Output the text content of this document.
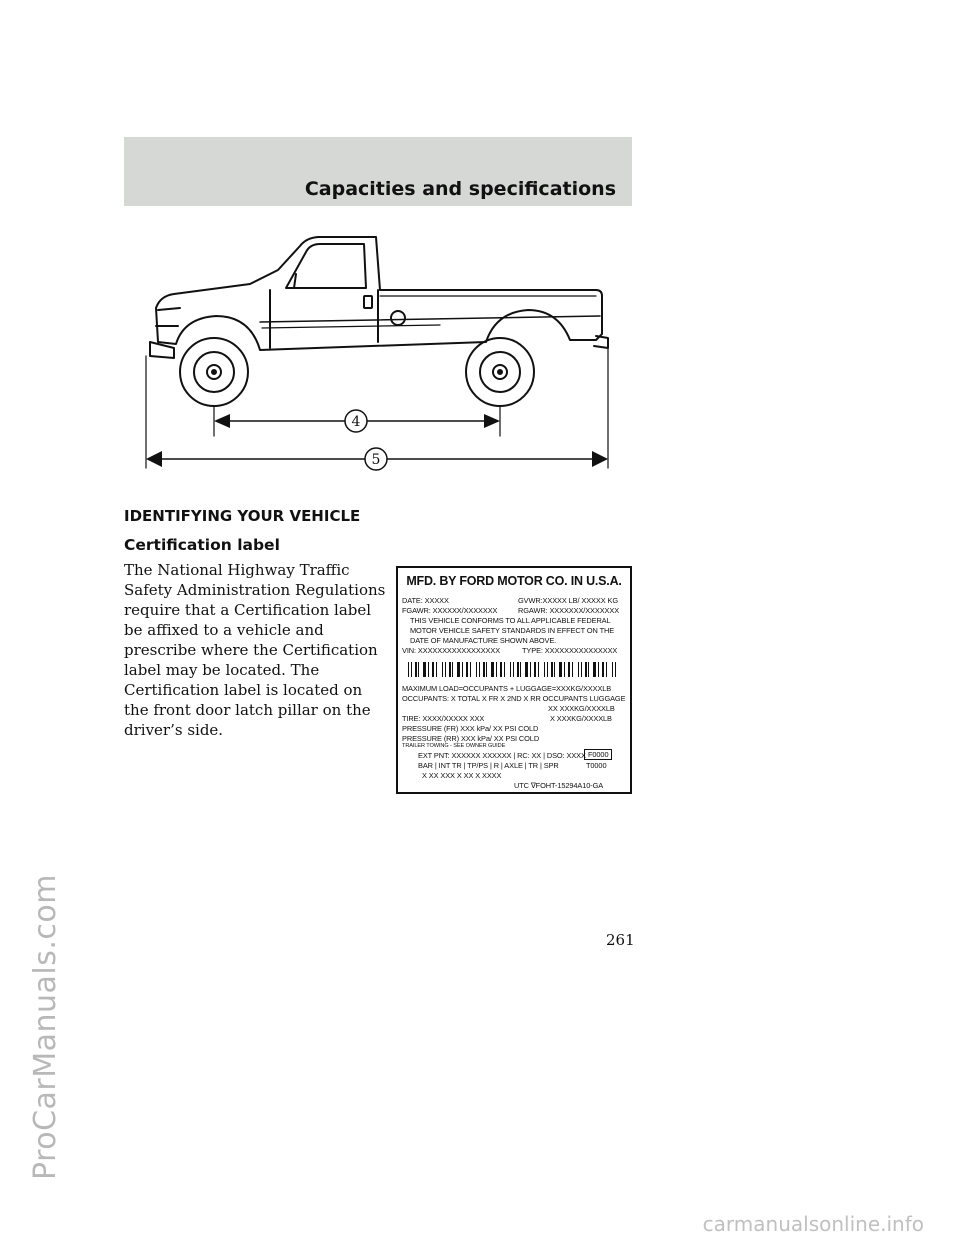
ProCarManuals.com
Capacities and specifications
4
5
IDENTIFYING YOUR VEHICLE
Certification label

The National Highway Traffic Safety Administration Regulations require that a Certification label be affixed to a vehicle and prescribe where the Certification label may be located. The Certification label is located on the front door latch pillar on the driver’s side.

MFD. BY FORD MOTOR CO. IN U.S.A.
DATE: XXXXX	GVWR:XXXXX LB/ XXXXX KG
FGAWR: XXXXXX/XXXXXXX	RGAWR: XXXXXXX/XXXXXXX
THIS VEHICLE CONFORMS TO ALL APPLICABLE FEDERAL
MOTOR VEHICLE SAFETY STANDARDS IN EFFECT ON THE
DATE OF MANUFACTURE SHOWN ABOVE.
VIN: XXXXXXXXXXXXXXXXX	TYPE: XXXXXXXXXXXXXXX
MAXIMUM LOAD=OCCUPANTS + LUGGAGE=XXXKG/XXXXLB
OCCUPANTS: X TOTAL X FR X 2ND X RR OCCUPANTS LUGGAGE
XX XXXKG/XXXXLB
TIRE: XXXX/XXXXX XXX	X XXXKG/XXXXLB
PRESSURE (FR) XXX kPa/ XX PSI COLD
PRESSURE (RR) XXX kPa/ XX PSI COLD
TRAILER TOWING - SEE OWNER GUIDE
EXT PNT: XXXXXX XXXXXX | RC: XX | DSO: XXXX F0000
BAR | INT TR | TP/PS | R | AXLE | TR | SPR	T0000
X XX XXX X XX X XXXX
UTC ∇FOHT-15294A10-GA
261
carmanualsonline.info
